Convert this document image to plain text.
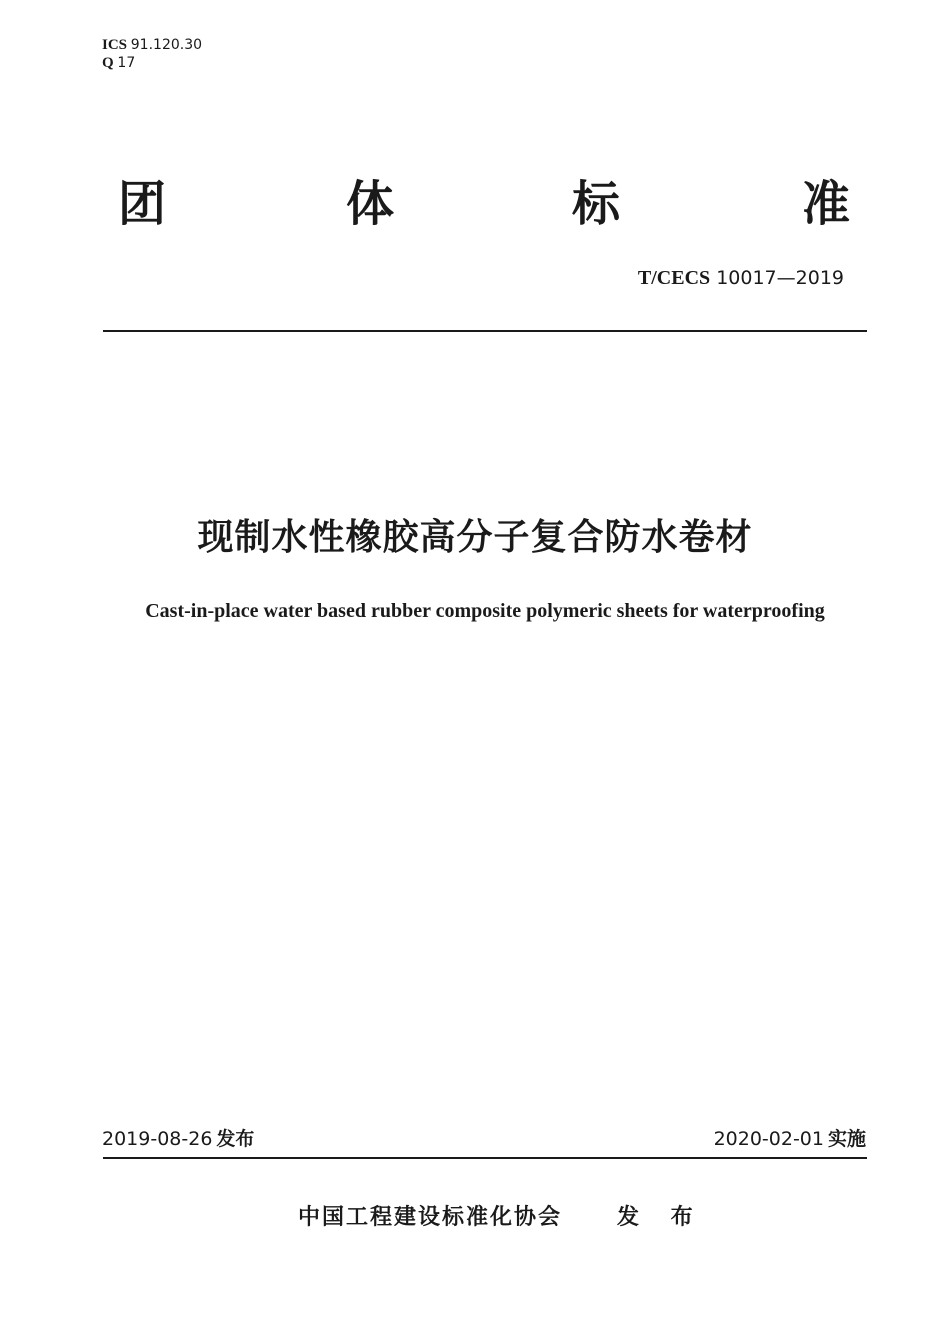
ICS 91.120.30
Q 17
团	体	标	准
T/CECS 10017—2019
现制水性橡胶高分子复合防水卷材
Cast-in-place water based rubber composite polymeric sheets for waterproofing
2019-08-26 发布	2020-02-01 实施
中国工程建设标准化协会 发 布
